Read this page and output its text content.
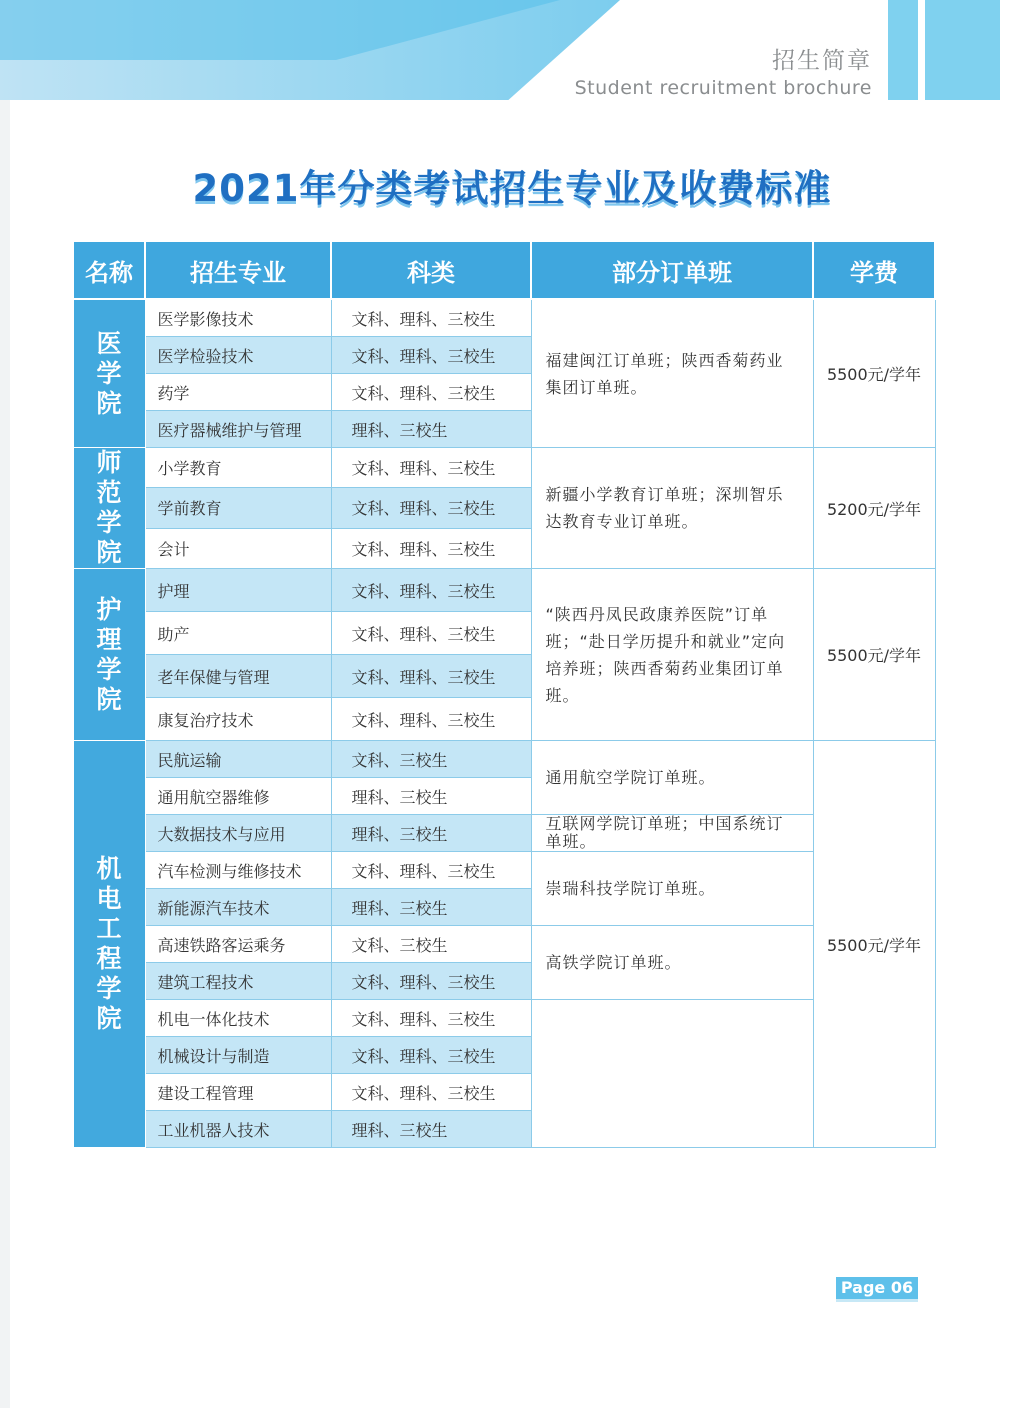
招生简章
Student recruitment brochure
2021年分类考试招生专业及收费标准
名称	招生专业	科类	部分订单班	学费
医学院	医学影像技术	文科、理科、三校生	福建闽江订单班；陕西香菊药业集团订单班。	5500元/学年
	医学检验技术	文科、理科、三校生		
	药学	文科、理科、三校生		
	医疗器械维护与管理	理科、三校生		
师范学院	小学教育	文科、理科、三校生	新疆小学教育订单班；深圳智乐达教育专业订单班。	5200元/学年
	学前教育	文科、理科、三校生		
	会计	文科、理科、三校生		
护理学院	护理	文科、理科、三校生	“陕西丹凤民政康养医院”订单班；“赴日学历提升和就业”定向培养班；陕西香菊药业集团订单班。	5500元/学年
	助产	文科、理科、三校生		
	老年保健与管理	文科、理科、三校生		
	康复治疗技术	文科、理科、三校生		
机电工程学院	民航运输	文科、三校生	通用航空学院订单班。	5500元/学年
	通用航空器维修	理科、三校生		
	大数据技术与应用	理科、三校生	互联网学院订单班；中国系统订单班。	
	汽车检测与维修技术	文科、理科、三校生	崇瑞科技学院订单班。	
	新能源汽车技术	理科、三校生		
	高速铁路客运乘务	文科、三校生	高铁学院订单班。	
	建筑工程技术	文科、理科、三校生		
	机电一体化技术	文科、理科、三校生		
	机械设计与制造	文科、理科、三校生		
	建设工程管理	文科、理科、三校生		
	工业机器人技术	理科、三校生		
Page 06
